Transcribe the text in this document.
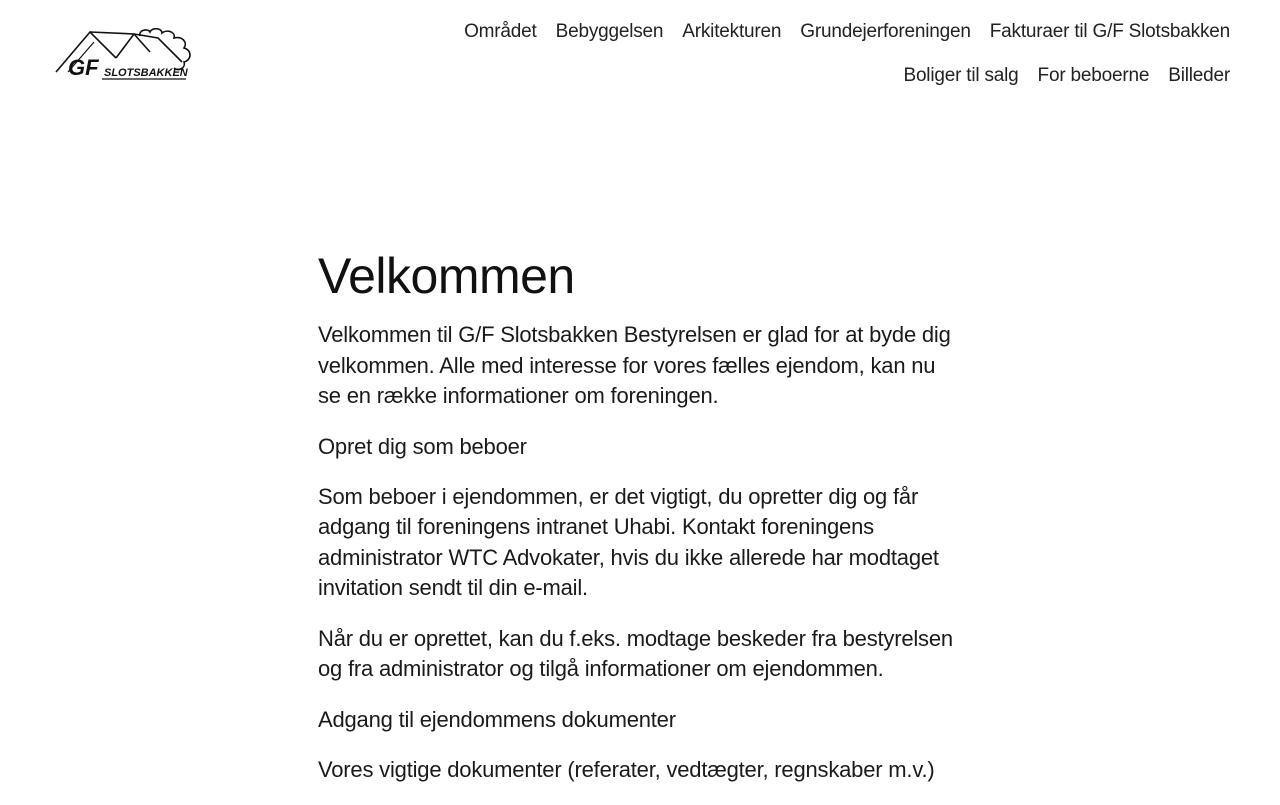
GF SLOTSBAKKEN
Området Bebyggelsen Arkitekturen Grundejerforeningen Fakturaer til G/F Slotsbakken
Boliger til salg For beboerne Billeder
Velkommen

Velkommen til G/F Slotsbakken Bestyrelsen er glad for at byde dig velkommen. Alle med interesse for vores fælles ejendom, kan nu se en række informationer om foreningen.

Opret dig som beboer

Som beboer i ejendommen, er det vigtigt, du opretter dig og får adgang til foreningens intranet Uhabi. Kontakt foreningens administrator WTC Advokater, hvis du ikke allerede har modtaget invitation sendt til din e-mail.

Når du er oprettet, kan du f.eks. modtage beskeder fra bestyrelsen og fra administrator og tilgå informationer om ejendommen.

Adgang til ejendommens dokumenter

Vores vigtige dokumenter (referater, vedtægter, regnskaber m.v.)
